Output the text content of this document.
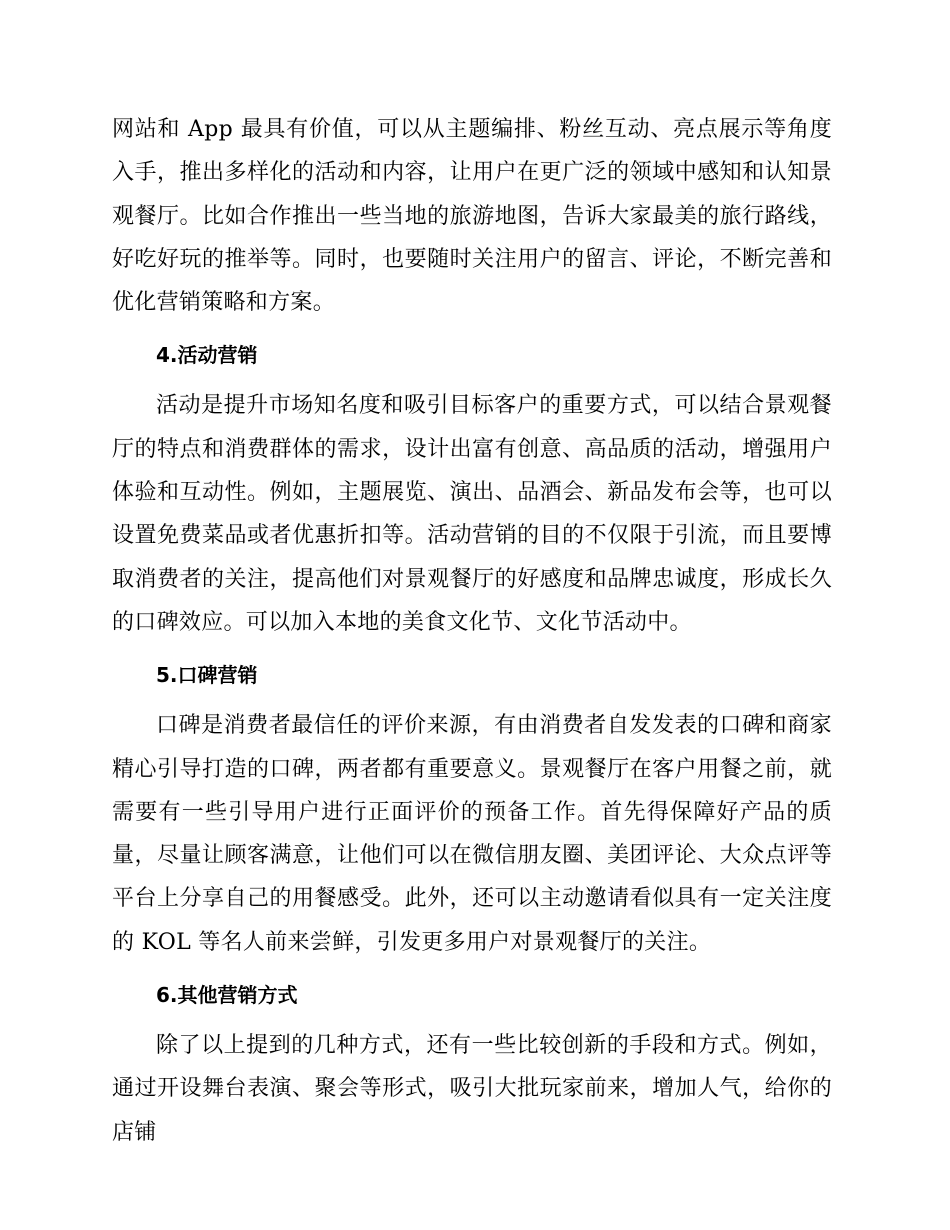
网站和 App 最具有价值，可以从主题编排、粉丝互动、亮点展示等角度入手，推出多样化的活动和内容，让用户在更广泛的领域中感知和认知景观餐厅。比如合作推出一些当地的旅游地图，告诉大家最美的旅行路线，好吃好玩的推举等。同时，也要随时关注用户的留言、评论，不断完善和优化营销策略和方案。

4.活动营销

活动是提升市场知名度和吸引目标客户的重要方式，可以结合景观餐厅的特点和消费群体的需求，设计出富有创意、高品质的活动，增强用户体验和互动性。例如，主题展览、演出、品酒会、新品发布会等，也可以设置免费菜品或者优惠折扣等。活动营销的目的不仅限于引流，而且要博取消费者的关注，提高他们对景观餐厅的好感度和品牌忠诚度，形成长久的口碑效应。可以加入本地的美食文化节、文化节活动中。

5.口碑营销

口碑是消费者最信任的评价来源，有由消费者自发发表的口碑和商家精心引导打造的口碑，两者都有重要意义。景观餐厅在客户用餐之前，就需要有一些引导用户进行正面评价的预备工作。首先得保障好产品的质量，尽量让顾客满意，让他们可以在微信朋友圈、美团评论、大众点评等平台上分享自己的用餐感受。此外，还可以主动邀请看似具有一定关注度的 KOL 等名人前来尝鲜，引发更多用户对景观餐厅的关注。

6.其他营销方式

除了以上提到的几种方式，还有一些比较创新的手段和方式。例如，通过开设舞台表演、聚会等形式，吸引大批玩家前来，增加人气，给你的店铺
